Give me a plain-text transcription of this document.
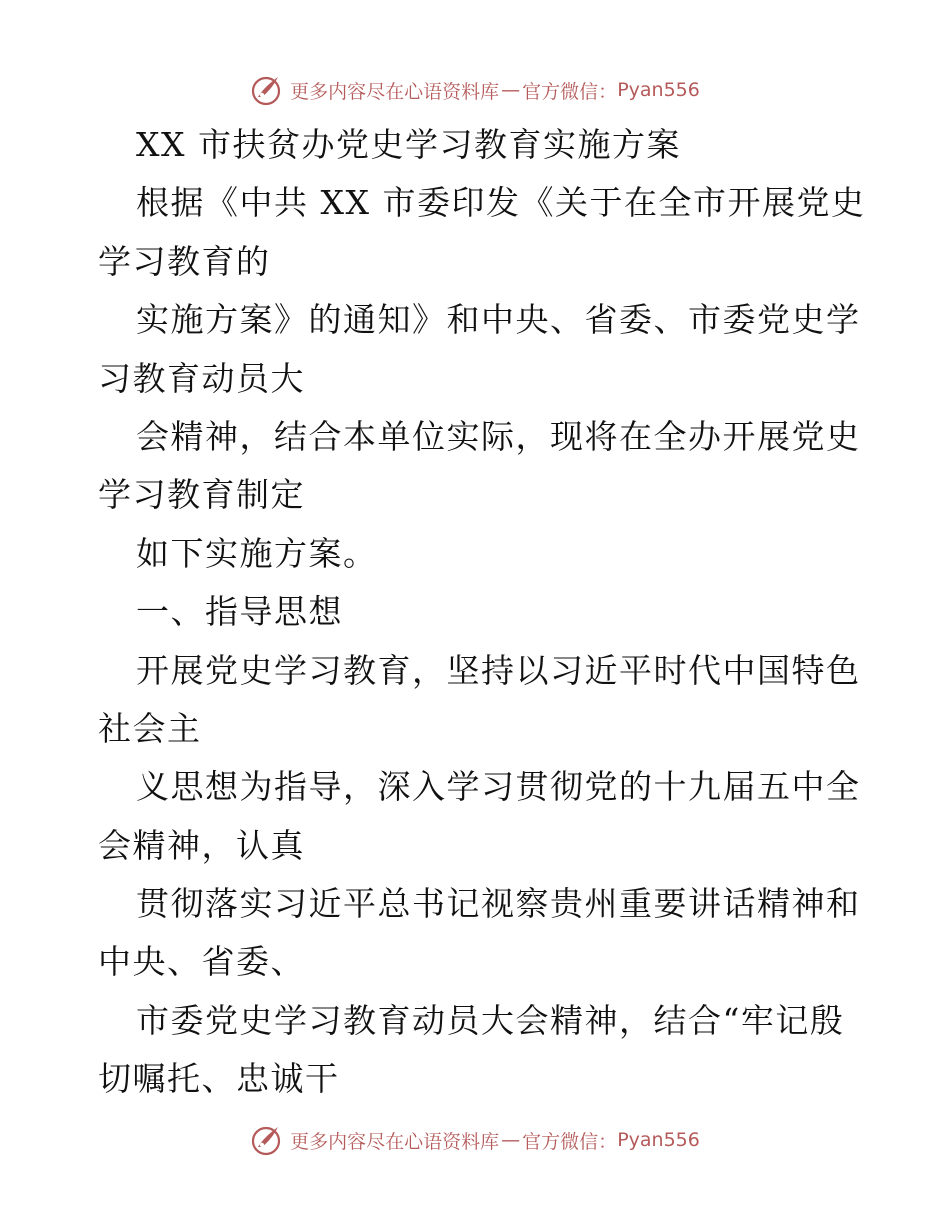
更多内容尽在心语资料库 — 官方微信： Pyan556
XX 市扶贫办党史学习教育实施方案
根据《中共 XX 市委印发《关于在全市开展党史
学习教育的
实施方案》的通知》和中央、省委、市委党史学
习教育动员大
会精神，结合本单位实际，现将在全办开展党史
学习教育制定
如下实施方案。
一、指导思想
开展党史学习教育，坚持以习近平时代中国特色
社会主
义思想为指导，深入学习贯彻党的十九届五中全
会精神，认真
贯彻落实习近平总书记视察贵州重要讲话精神和
中央、省委、
市委党史学习教育动员大会精神，结合“牢记殷
切嘱托、忠诚干
更多内容尽在心语资料库 — 官方微信： Pyan556
